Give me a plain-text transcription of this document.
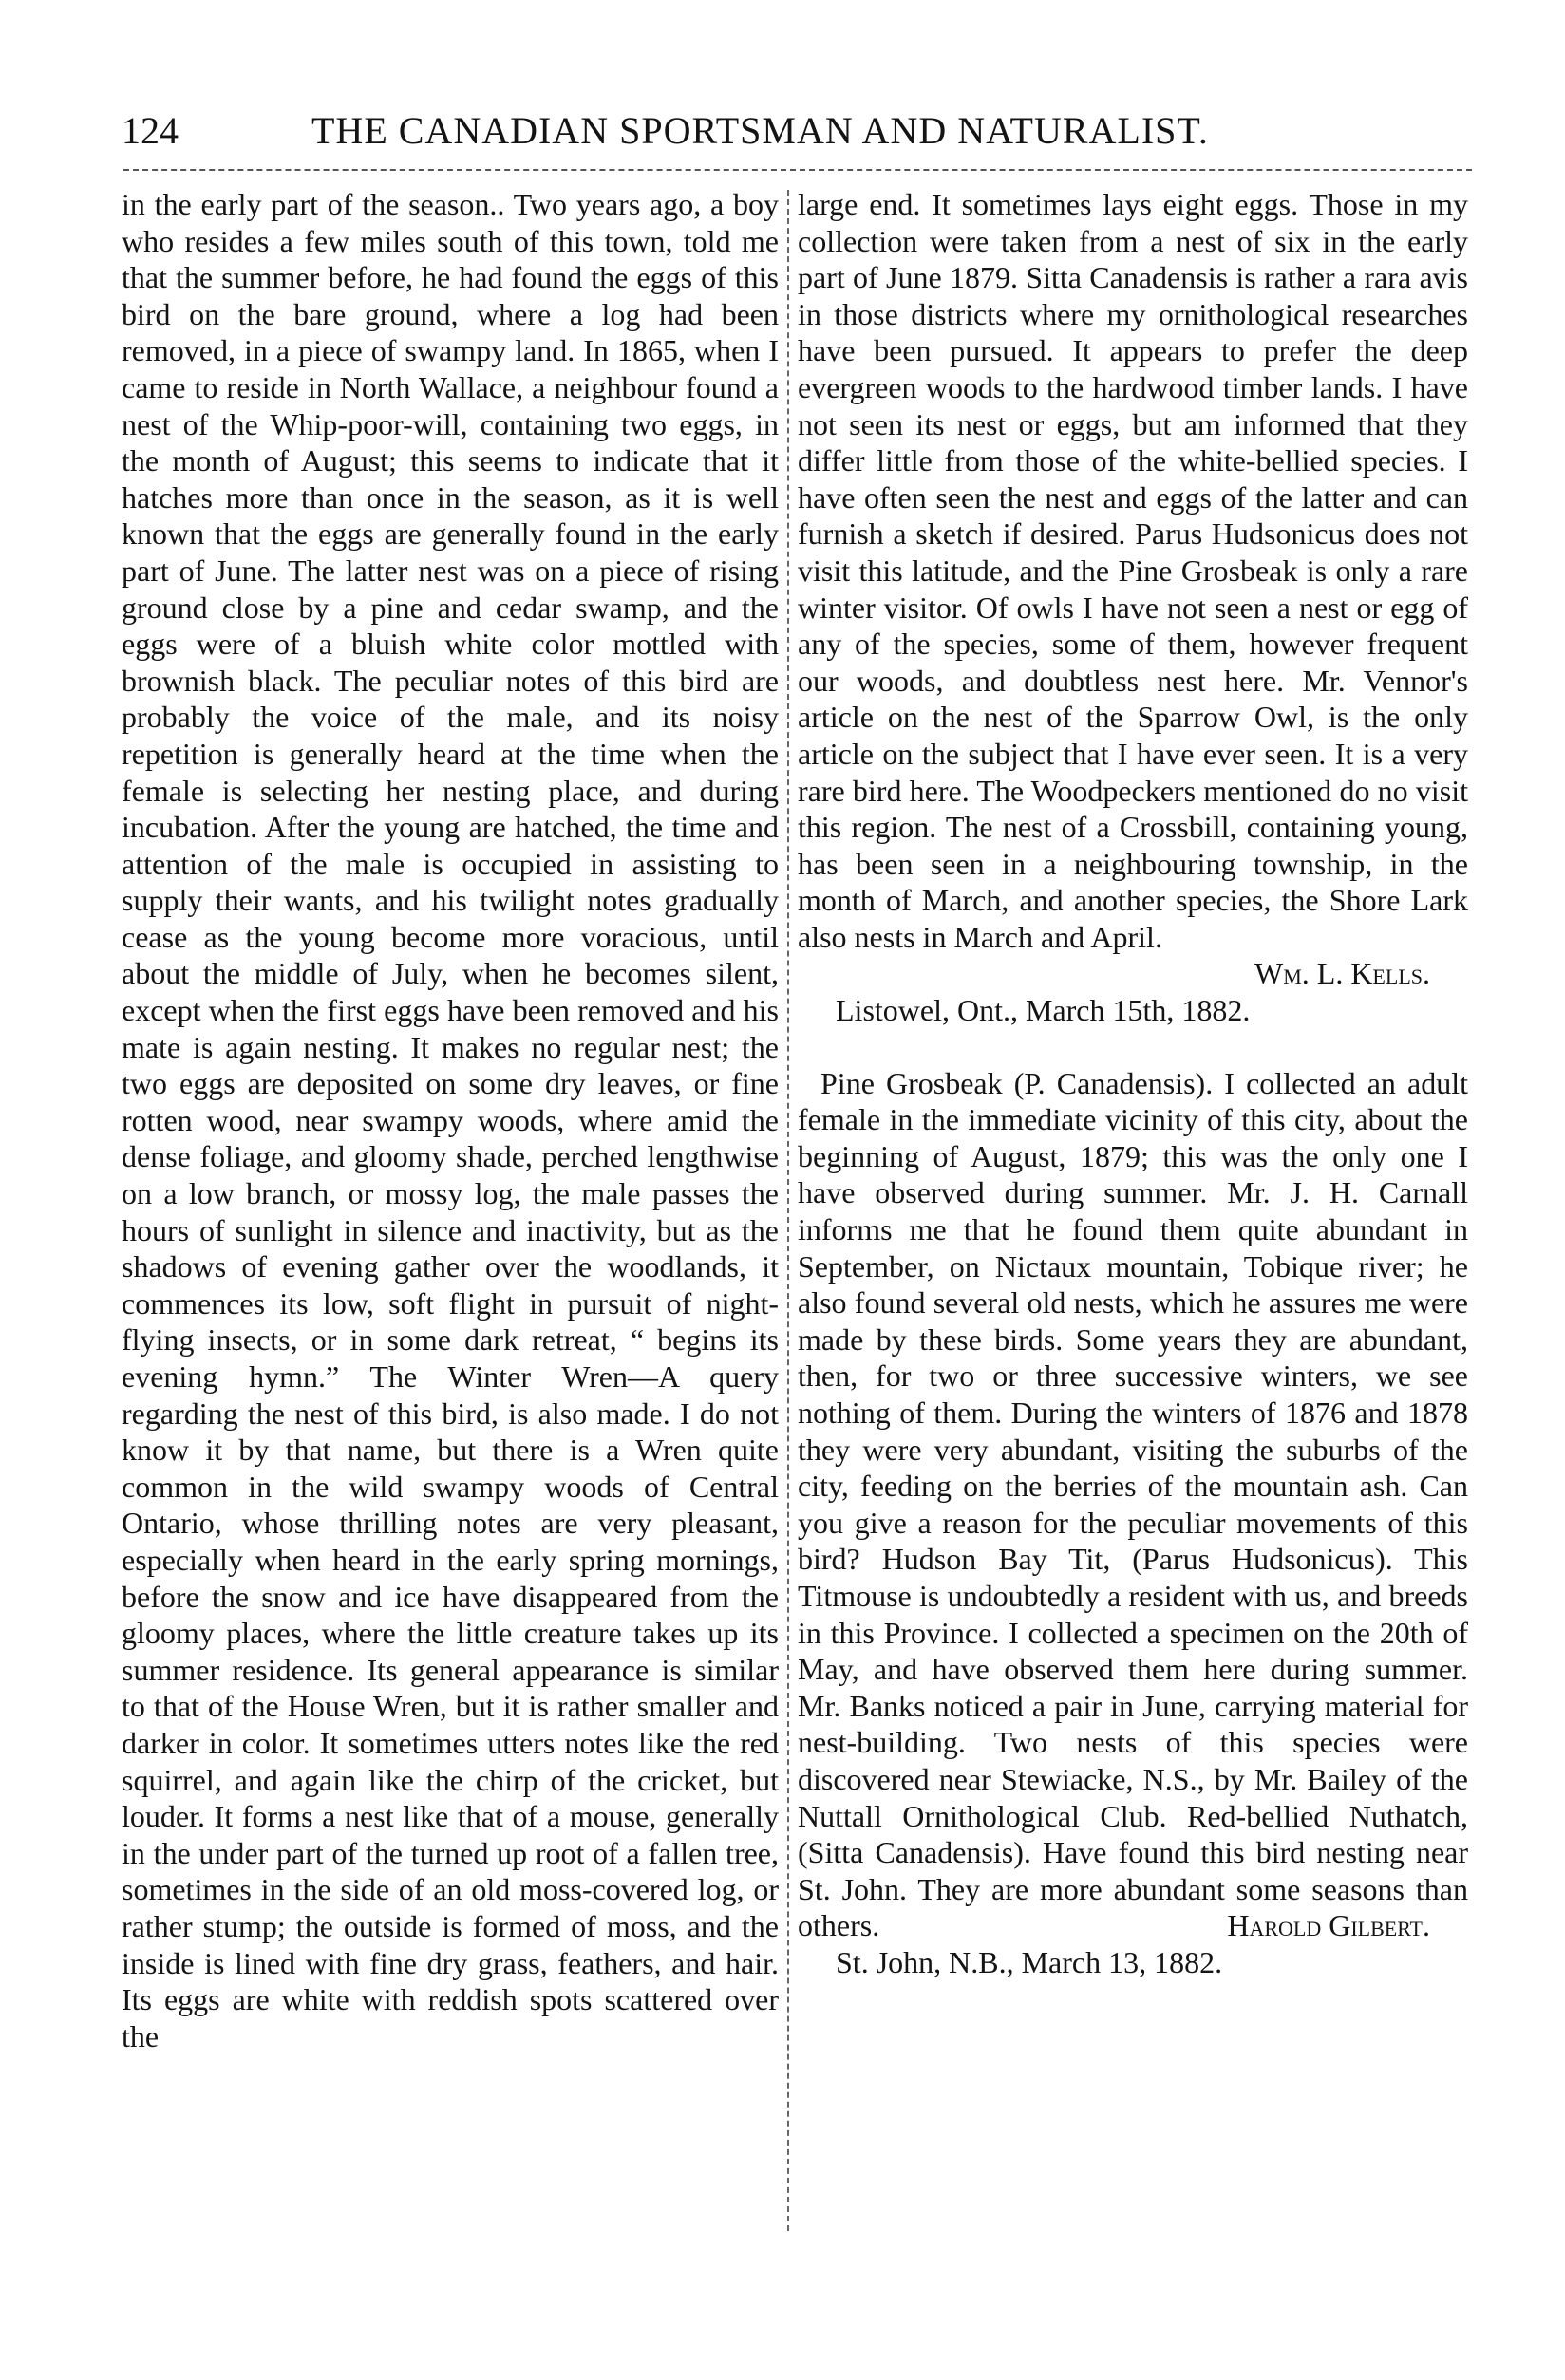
124	THE CANADIAN SPORTSMAN AND NATURALIST.

in the early part of the season.. Two years ago, a boy who resides a few miles south of this town, told me that the summer before, he had found the eggs of this bird on the bare ground, where a log had been removed, in a piece of swampy land. In 1865, when I came to reside in North Wallace, a neighbour found a nest of the Whip-poor-will, containing two eggs, in the month of August; this seems to indicate that it hatches more than once in the season, as it is well known that the eggs are generally found in the early part of June. The latter nest was on a piece of rising ground close by a pine and cedar swamp, and the eggs were of a bluish white color mottled with brownish black. The peculiar notes of this bird are probably the voice of the male, and its noisy repetition is generally heard at the time when the female is selecting her nesting place, and during incubation. After the young are hatched, the time and attention of the male is occupied in assisting to supply their wants, and his twilight notes gradually cease as the young become more voracious, until about the middle of July, when he becomes silent, except when the first eggs have been removed and his mate is again nesting. It makes no regular nest; the two eggs are deposited on some dry leaves, or fine rotten wood, near swampy woods, where amid the dense foliage, and gloomy shade, perched lengthwise on a low branch, or mossy log, the male passes the hours of sunlight in silence and inactivity, but as the shadows of evening gather over the woodlands, it commences its low, soft flight in pursuit of night-flying insects, or in some dark retreat, “ begins its evening hymn.” The Winter Wren—A query regarding the nest of this bird, is also made. I do not know it by that name, but there is a Wren quite common in the wild swampy woods of Central Ontario, whose thrilling notes are very pleasant, especially when heard in the early spring mornings, before the snow and ice have disappeared from the gloomy places, where the little creature takes up its summer residence. Its general appearance is similar to that of the House Wren, but it is rather smaller and darker in color. It sometimes utters notes like the red squirrel, and again like the chirp of the cricket, but louder. It forms a nest like that of a mouse, generally in the under part of the turned up root of a fallen tree, sometimes in the side of an old moss-covered log, or rather stump; the outside is formed of moss, and the inside is lined with fine dry grass, feathers, and hair. Its eggs are white with reddish spots scattered over the

large end. It sometimes lays eight eggs. Those in my collection were taken from a nest of six in the early part of June 1879. Sitta Canadensis is rather a rara avis in those districts where my ornithological researches have been pursued. It appears to prefer the deep evergreen woods to the hardwood timber lands. I have not seen its nest or eggs, but am informed that they differ little from those of the white-bellied species. I have often seen the nest and eggs of the latter and can furnish a sketch if desired. Parus Hudsonicus does not visit this latitude, and the Pine Grosbeak is only a rare winter visitor. Of owls I have not seen a nest or egg of any of the species, some of them, however frequent our woods, and doubtless nest here. Mr. Vennor's article on the nest of the Sparrow Owl, is the only article on the subject that I have ever seen. It is a very rare bird here. The Woodpeckers mentioned do no visit this region. The nest of a Crossbill, containing young, has been seen in a neighbouring township, in the month of March, and another species, the Shore Lark also nests in March and April.

Wm. L. Kells.

Listowel, Ont., March 15th, 1882.

Pine Grosbeak (P. Canadensis). I collected an adult female in the immediate vicinity of this city, about the beginning of August, 1879; this was the only one I have observed during summer. Mr. J. H. Carnall informs me that he found them quite abundant in September, on Nictaux mountain, Tobique river; he also found several old nests, which he assures me were made by these birds. Some years they are abundant, then, for two or three successive winters, we see nothing of them. During the winters of 1876 and 1878 they were very abundant, visiting the suburbs of the city, feeding on the berries of the mountain ash. Can you give a reason for the peculiar movements of this bird? Hudson Bay Tit, (Parus Hudsonicus). This Titmouse is undoubtedly a resident with us, and breeds in this Province. I collected a specimen on the 20th of May, and have observed them here during summer. Mr. Banks noticed a pair in June, carrying material for nest-building. Two nests of this species were discovered near Stewiacke, N.S., by Mr. Bailey of the Nuttall Ornithological Club. Red-bellied Nuthatch, (Sitta Canadensis). Have found this bird nesting near St. John. They are more abundant some seasons than others.	Harold Gilbert.

St. John, N.B., March 13, 1882.
